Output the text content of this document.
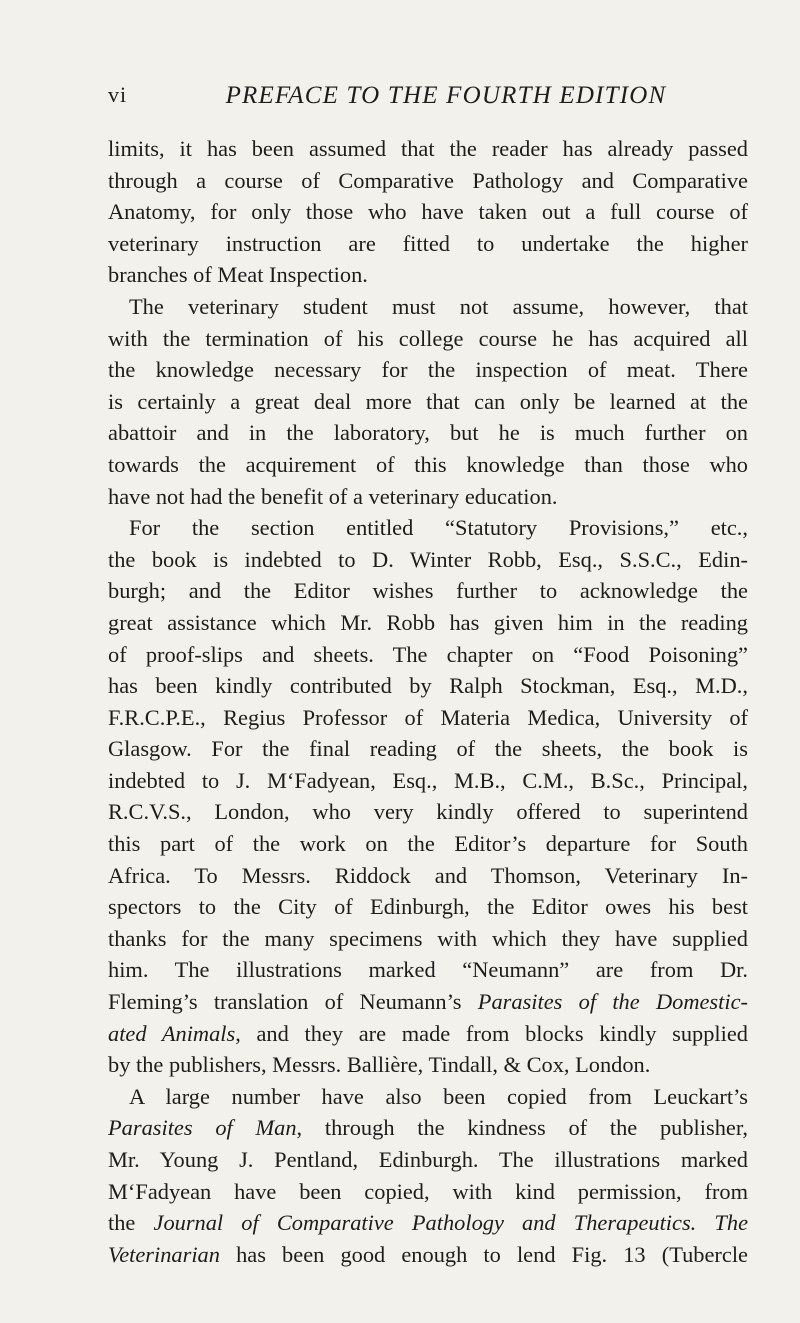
vi	PREFACE TO THE FOURTH EDITION
limits, it has been assumed that the reader has already passed
through a course of Comparative Pathology and Comparative
Anatomy, for only those who have taken out a full course of
veterinary instruction are fitted to undertake the higher
branches of Meat Inspection.
The veterinary student must not assume, however, that
with the termination of his college course he has acquired all
the knowledge necessary for the inspection of meat. There
is certainly a great deal more that can only be learned at the
abattoir and in the laboratory, but he is much further on
towards the acquirement of this knowledge than those who
have not had the benefit of a veterinary education.
For the section entitled “Statutory Provisions,” etc.,
the book is indebted to D. Winter Robb, Esq., S.S.C., Edin-
burgh; and the Editor wishes further to acknowledge the
great assistance which Mr. Robb has given him in the reading
of proof-slips and sheets. The chapter on “Food Poisoning”
has been kindly contributed by Ralph Stockman, Esq., M.D.,
F.R.C.P.E., Regius Professor of Materia Medica, University of
Glasgow. For the final reading of the sheets, the book is
indebted to J. M‘Fadyean, Esq., M.B., C.M., B.Sc., Principal,
R.C.V.S., London, who very kindly offered to superintend
this part of the work on the Editor’s departure for South
Africa. To Messrs. Riddock and Thomson, Veterinary In-
spectors to the City of Edinburgh, the Editor owes his best
thanks for the many specimens with which they have supplied
him. The illustrations marked “Neumann” are from Dr.
Fleming’s translation of Neumann’s Parasites of the Domestic-
ated Animals, and they are made from blocks kindly supplied
by the publishers, Messrs. Ballière, Tindall, & Cox, London.
A large number have also been copied from Leuckart’s
Parasites of Man, through the kindness of the publisher,
Mr. Young J. Pentland, Edinburgh. The illustrations marked
M‘Fadyean have been copied, with kind permission, from
the Journal of Comparative Pathology and Therapeutics. The
Veterinarian has been good enough to lend Fig. 13 (Tubercle
